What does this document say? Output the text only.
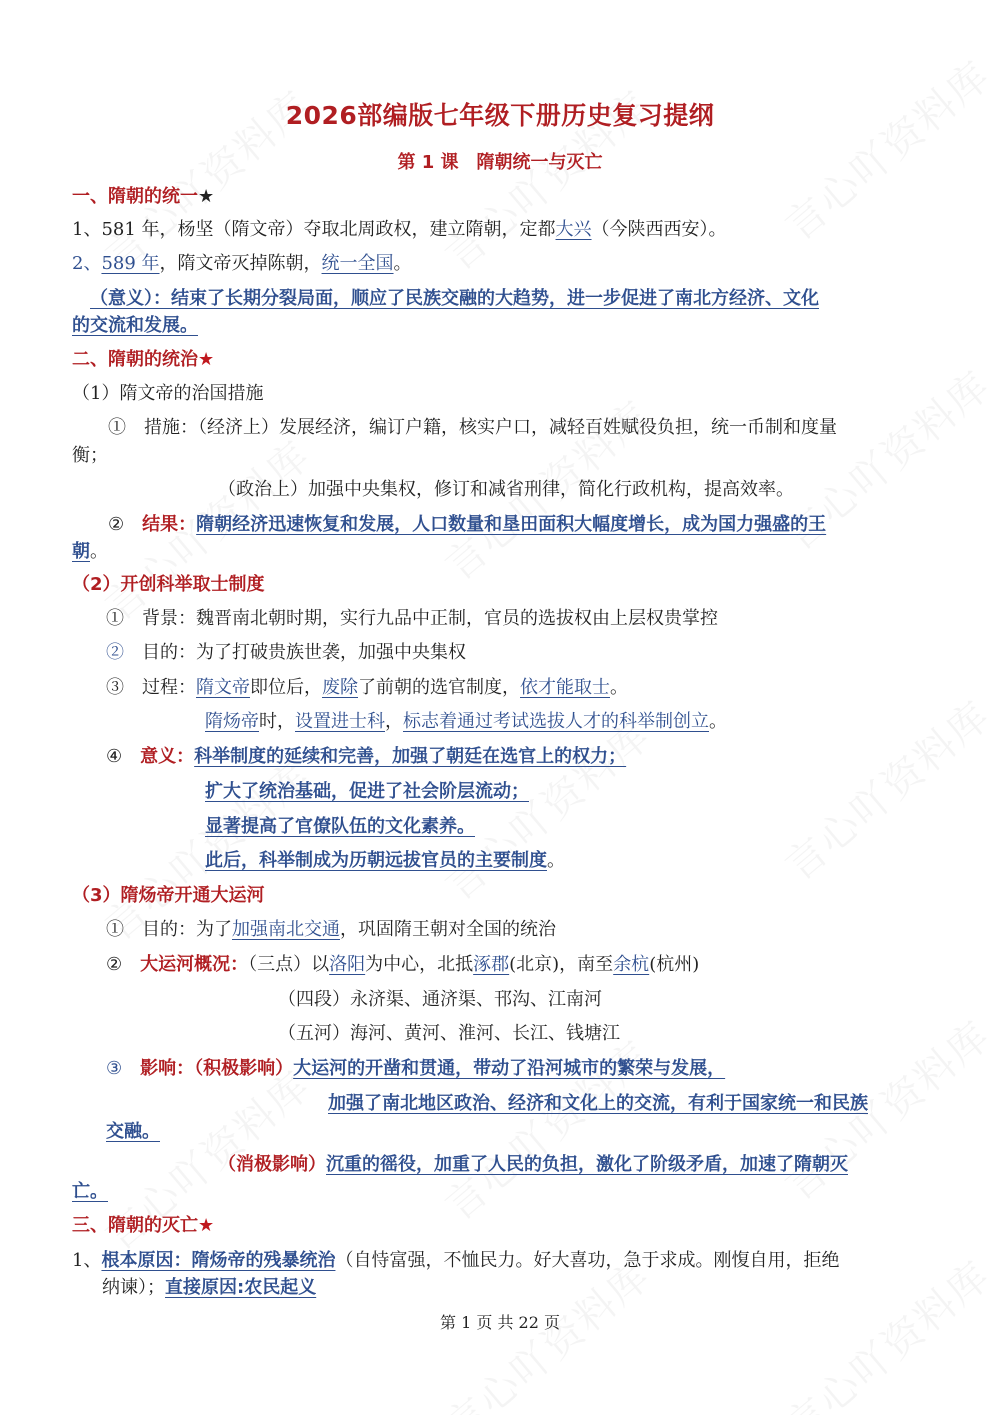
2026部编版七年级下册历史复习提纲
第 1 课　隋朝统一与灭亡
一、隋朝的统一★
1、581 年，杨坚（隋文帝）夺取北周政权，建立隋朝，定都大兴（今陕西西安）。
2、589 年，隋文帝灭掉陈朝，统一全国。
（意义）：结束了长期分裂局面，顺应了民族交融的大趋势，进一步促进了南北方经济、文化
的交流和发展。
二、隋朝的统治★
（1）隋文帝的治国措施
①　措施：（经济上）发展经济，编订户籍，核实户口，减轻百姓赋役负担，统一币制和度量
衡；
（政治上）加强中央集权，修订和减省刑律，简化行政机构，提高效率。
②　结果：隋朝经济迅速恢复和发展，人口数量和垦田面积大幅度增长，成为国力强盛的王
朝。
（2）开创科举取士制度
①　背景：魏晋南北朝时期，实行九品中正制，官员的选拔权由上层权贵掌控
②　目的：为了打破贵族世袭，加强中央集权
③　过程：隋文帝即位后，废除了前朝的选官制度，依才能取士。
隋炀帝时，设置进士科，标志着通过考试选拔人才的科举制创立。
④　意义：科举制度的延续和完善，加强了朝廷在选官上的权力；
扩大了统治基础，促进了社会阶层流动；
显著提高了官僚队伍的文化素养。
此后，科举制成为历朝远拔官员的主要制度。
（3）隋炀帝开通大运河
①　目的：为了加强南北交通，巩固隋王朝对全国的统治
②　大运河概况：（三点）以洛阳为中心，北抵涿郡(北京)，南至余杭(杭州)
（四段）永济渠、通济渠、邗沟、江南河
（五河）海河、黄河、淮河、长江、钱塘江
③　影响：（积极影响）大运河的开凿和贯通，带动了沿河城市的繁荣与发展，
加强了南北地区政治、经济和文化上的交流，有利于国家统一和民族
交融。
（消极影响）沉重的徭役，加重了人民的负担，激化了阶级矛盾，加速了隋朝灭
亡。
三、隋朝的灭亡★
1、根本原因：隋炀帝的残暴统治（自恃富强，不恤民力。好大喜功，急于求成。刚愎自用，拒绝
纳谏）；直接原因:农民起义
第 1 页 共 22 页
